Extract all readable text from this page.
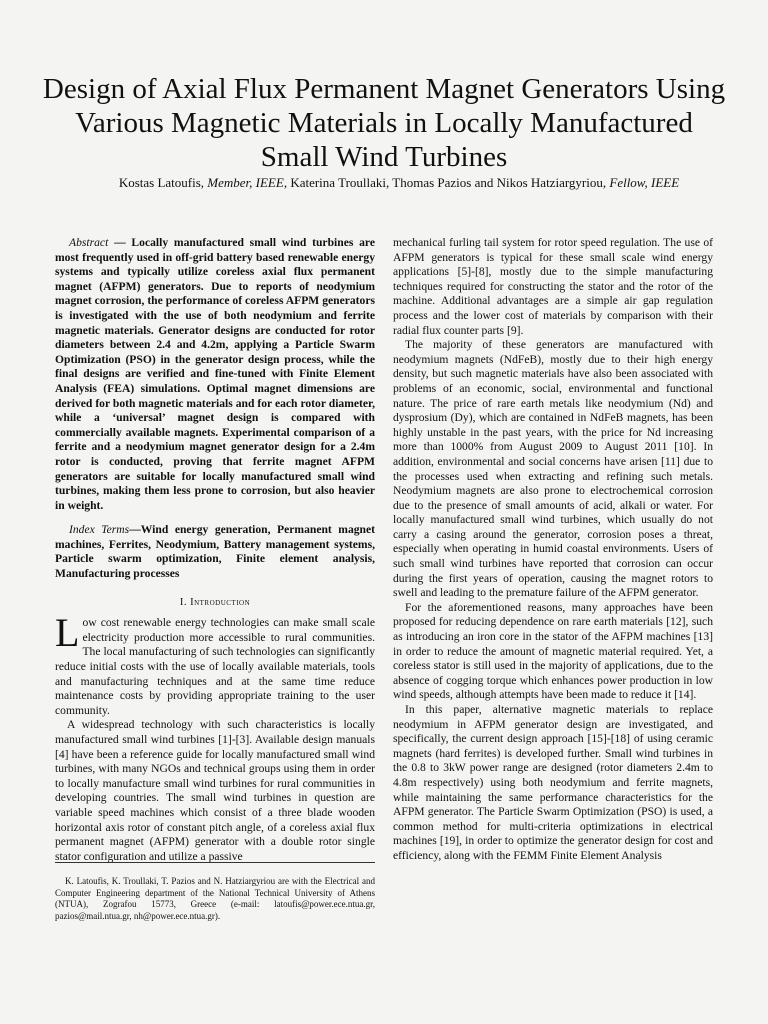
Design of Axial Flux Permanent Magnet Generators Using Various Magnetic Materials in Locally Manufactured Small Wind Turbines
Kostas Latoufis, Member, IEEE, Katerina Troullaki, Thomas Pazios and Nikos Hatziargyriou, Fellow, IEEE

Abstract — Locally manufactured small wind turbines are most frequently used in off-grid battery based renewable energy systems and typically utilize coreless axial flux permanent magnet (AFPM) generators. Due to reports of neodymium magnet corrosion, the performance of coreless AFPM generators is investigated with the use of both neodymium and ferrite magnetic materials. Generator designs are conducted for rotor diameters between 2.4 and 4.2m, applying a Particle Swarm Optimization (PSO) in the generator design process, while the final designs are verified and fine-tuned with Finite Element Analysis (FEA) simulations. Optimal magnet dimensions are derived for both magnetic materials and for each rotor diameter, while a ‘universal’ magnet design is compared with commercially available magnets. Experimental comparison of a ferrite and a neodymium magnet generator design for a 2.4m rotor is conducted, proving that ferrite magnet AFPM generators are suitable for locally manufactured small wind turbines, making them less prone to corrosion, but also heavier in weight.

Index Terms—Wind energy generation, Permanent magnet machines, Ferrites, Neodymium, Battery management systems, Particle swarm optimization, Finite element analysis, Manufacturing processes

I. Introduction

Low cost renewable energy technologies can make small scale electricity production more accessible to rural communities. The local manufacturing of such technologies can significantly reduce initial costs with the use of locally available materials, tools and manufacturing techniques and at the same time reduce maintenance costs by providing appropriate training to the user community.

A widespread technology with such characteristics is locally manufactured small wind turbines [1]-[3]. Available design manuals [4] have been a reference guide for locally manufactured small wind turbines, with many NGOs and technical groups using them in order to locally manufacture small wind turbines for rural communities in developing countries. The small wind turbines in question are variable speed machines which consist of a three blade wooden horizontal axis rotor of constant pitch angle, of a coreless axial flux permanent magnet (AFPM) generator with a double rotor single stator configuration and utilize a passive

mechanical furling tail system for rotor speed regulation. The use of AFPM generators is typical for these small scale wind energy applications [5]-[8], mostly due to the simple manufacturing techniques required for constructing the stator and the rotor of the machine. Additional advantages are a simple air gap regulation process and the lower cost of materials by comparison with their radial flux counter parts [9].

The majority of these generators are manufactured with neodymium magnets (NdFeB), mostly due to their high energy density, but such magnetic materials have also been associated with problems of an economic, social, environmental and functional nature. The price of rare earth metals like neodymium (Nd) and dysprosium (Dy), which are contained in NdFeB magnets, has been highly unstable in the past years, with the price for Nd increasing more than 1000% from August 2009 to August 2011 [10]. In addition, environmental and social concerns have arisen [11] due to the processes used when extracting and refining such metals. Neodymium magnets are also prone to electrochemical corrosion due to the presence of small amounts of acid, alkali or water. For locally manufactured small wind turbines, which usually do not carry a casing around the generator, corrosion poses a threat, especially when operating in humid coastal environments. Users of such small wind turbines have reported that corrosion can occur during the first years of operation, causing the magnet rotors to swell and leading to the premature failure of the AFPM generator.

For the aforementioned reasons, many approaches have been proposed for reducing dependence on rare earth materials [12], such as introducing an iron core in the stator of the AFPM machines [13] in order to reduce the amount of magnetic material required. Yet, a coreless stator is still used in the majority of applications, due to the absence of cogging torque which enhances power production in low wind speeds, although attempts have been made to reduce it [14].

In this paper, alternative magnetic materials to replace neodymium in AFPM generator design are investigated, and specifically, the current design approach [15]-[18] of using ceramic magnets (hard ferrites) is developed further. Small wind turbines in the 0.8 to 3kW power range are designed (rotor diameters 2.4m to 4.8m respectively) using both neodymium and ferrite magnets, while maintaining the same performance characteristics for the AFPM generator. The Particle Swarm Optimization (PSO) is used, a common method for multi-criteria optimizations in electrical machines [19], in order to optimize the generator design for cost and efficiency, along with the FEMM Finite Element Analysis

K. Latoufis, K. Troullaki, T. Pazios and N. Hatziargyriou are with the Electrical and Computer Engineering department of the National Technical University of Athens (NTUA), Zografou 15773, Greece (e-mail: latoufis@power.ece.ntua.gr, pazios@mail.ntua.gr, nh@power.ece.ntua.gr).
